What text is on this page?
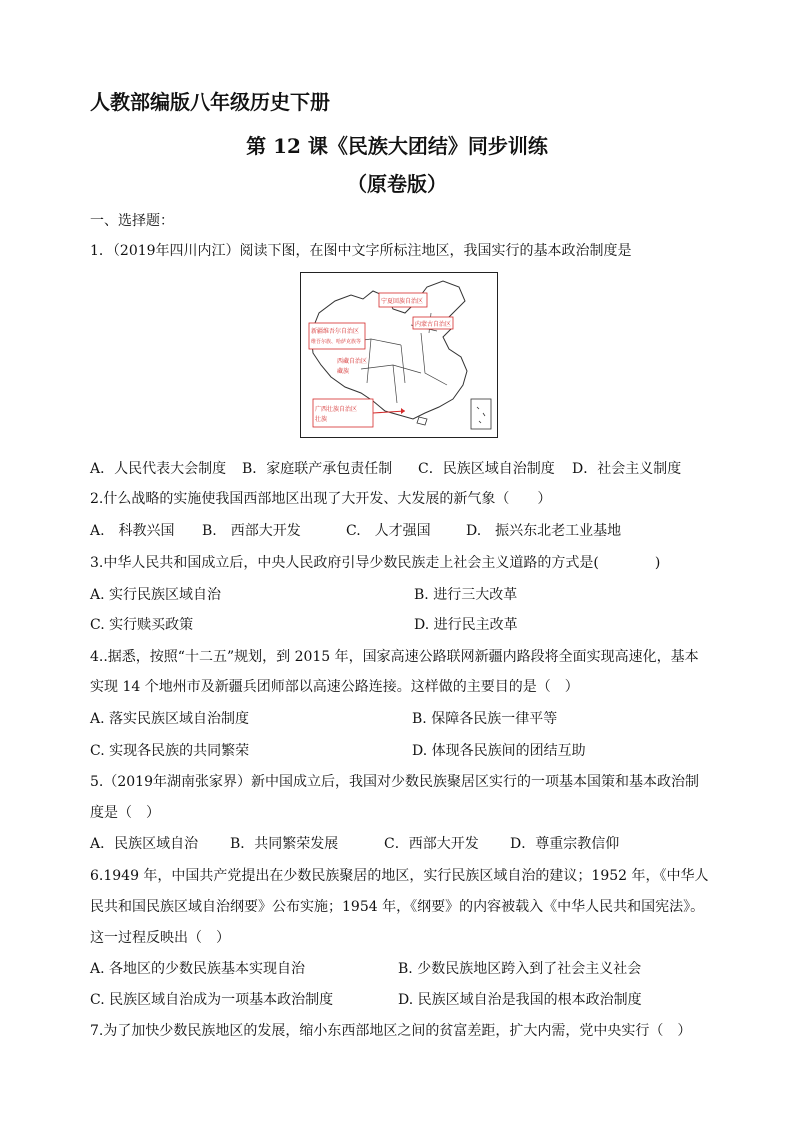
人教部编版八年级历史下册
第 12 课《民族大团结》同步训练
（原卷版）
一、选择题：
1．（2019年四川内江）阅读下图，在图中文字所标注地区，我国实行的基本政治制度是
宁夏回族自治区
内蒙古自治区
新疆维吾尔自治区
维吾尔族、哈萨克族等
西藏自治区
藏族
广西壮族自治区
壮族
A．人民代表大会制度 B．家庭联产承包责任制 C．民族区域自治制度 D．社会主义制度
2.什么战略的实施使我国西部地区出现了大开发、大发展的新气象（　　）
A.　科教兴国 B.　西部大开发	C.　人才强国	D.　振兴东北老工业基地
3.中华人民共和国成立后，中央人民政府引导少数民族走上社会主义道路的方式是(　　　　)
A. 实行民族区域自治	B. 进行三大改革
C. 实行赎买政策	D. 进行民主改革
4..据悉，按照“十二五”规划，到 2015 年，国家高速公路联网新疆内路段将全面实现高速化，基本
实现 14 个地州市及新疆兵团师部以高速公路连接。这样做的主要目的是（　）
A. 落实民族区域自治制度	B. 保障各民族一律平等
C. 实现各民族的共同繁荣	D. 体现各民族间的团结互助
5.（2019年湖南张家界）新中国成立后，我国对少数民族聚居区实行的一项基本国策和基本政治制
度是（　）
A．民族区域自治 B．共同繁荣发展	C．西部大开发 D．尊重宗教信仰
6.1949 年，中国共产党提出在少数民族聚居的地区，实行民族区域自治的建议；1952 年，《中华人
民共和国民族区域自治纲要》公布实施；1954 年，《纲要》的内容被载入《中华人民共和国宪法》。
这一过程反映出（　）
A. 各地区的少数民族基本实现自治	B. 少数民族地区跨入到了社会主义社会
C. 民族区域自治成为一项基本政治制度	D. 民族区域自治是我国的根本政治制度
7.为了加快少数民族地区的发展，缩小东西部地区之间的贫富差距，扩大内需，党中央实行（　）
